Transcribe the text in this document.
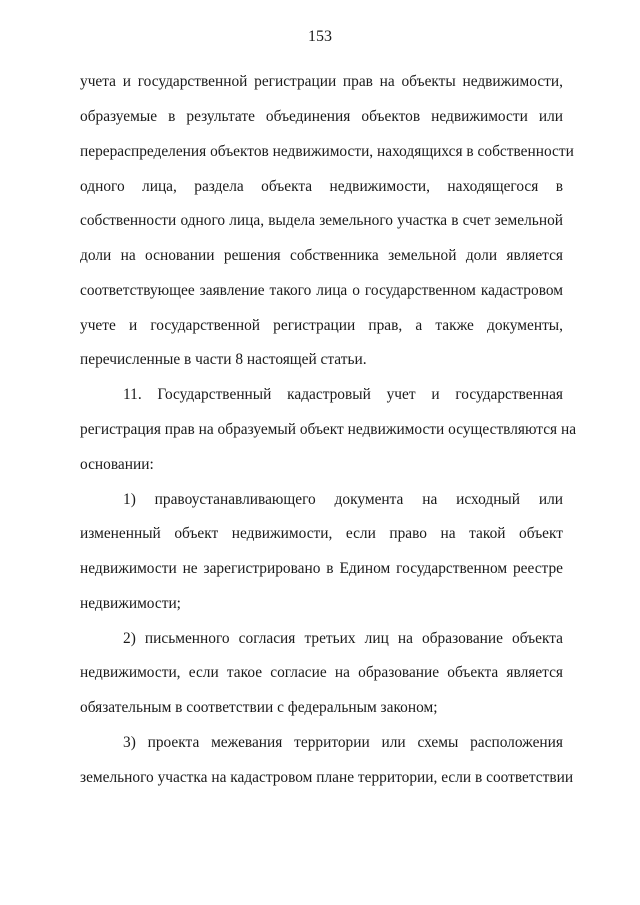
153
учета и государственной регистрации прав на объекты недвижимости,
образуемые в результате объединения объектов недвижимости или
перераспределения объектов недвижимости, находящихся в собственности
одного лица, раздела объекта недвижимости, находящегося в
собственности одного лица, выдела земельного участка в счет земельной
доли на основании решения собственника земельной доли является
соответствующее заявление такого лица о государственном кадастровом
учете и государственной регистрации прав, а также документы,
перечисленные в части 8 настоящей статьи.
11. Государственный кадастровый учет и государственная
регистрация прав на образуемый объект недвижимости осуществляются на
основании:
1) правоустанавливающего документа на исходный или
измененный объект недвижимости, если право на такой объект
недвижимости не зарегистрировано в Едином государственном реестре
недвижимости;
2) письменного согласия третьих лиц на образование объекта
недвижимости, если такое согласие на образование объекта является
обязательным в соответствии с федеральным законом;
3) проекта межевания территории или схемы расположения
земельного участка на кадастровом плане территории, если в соответствии
